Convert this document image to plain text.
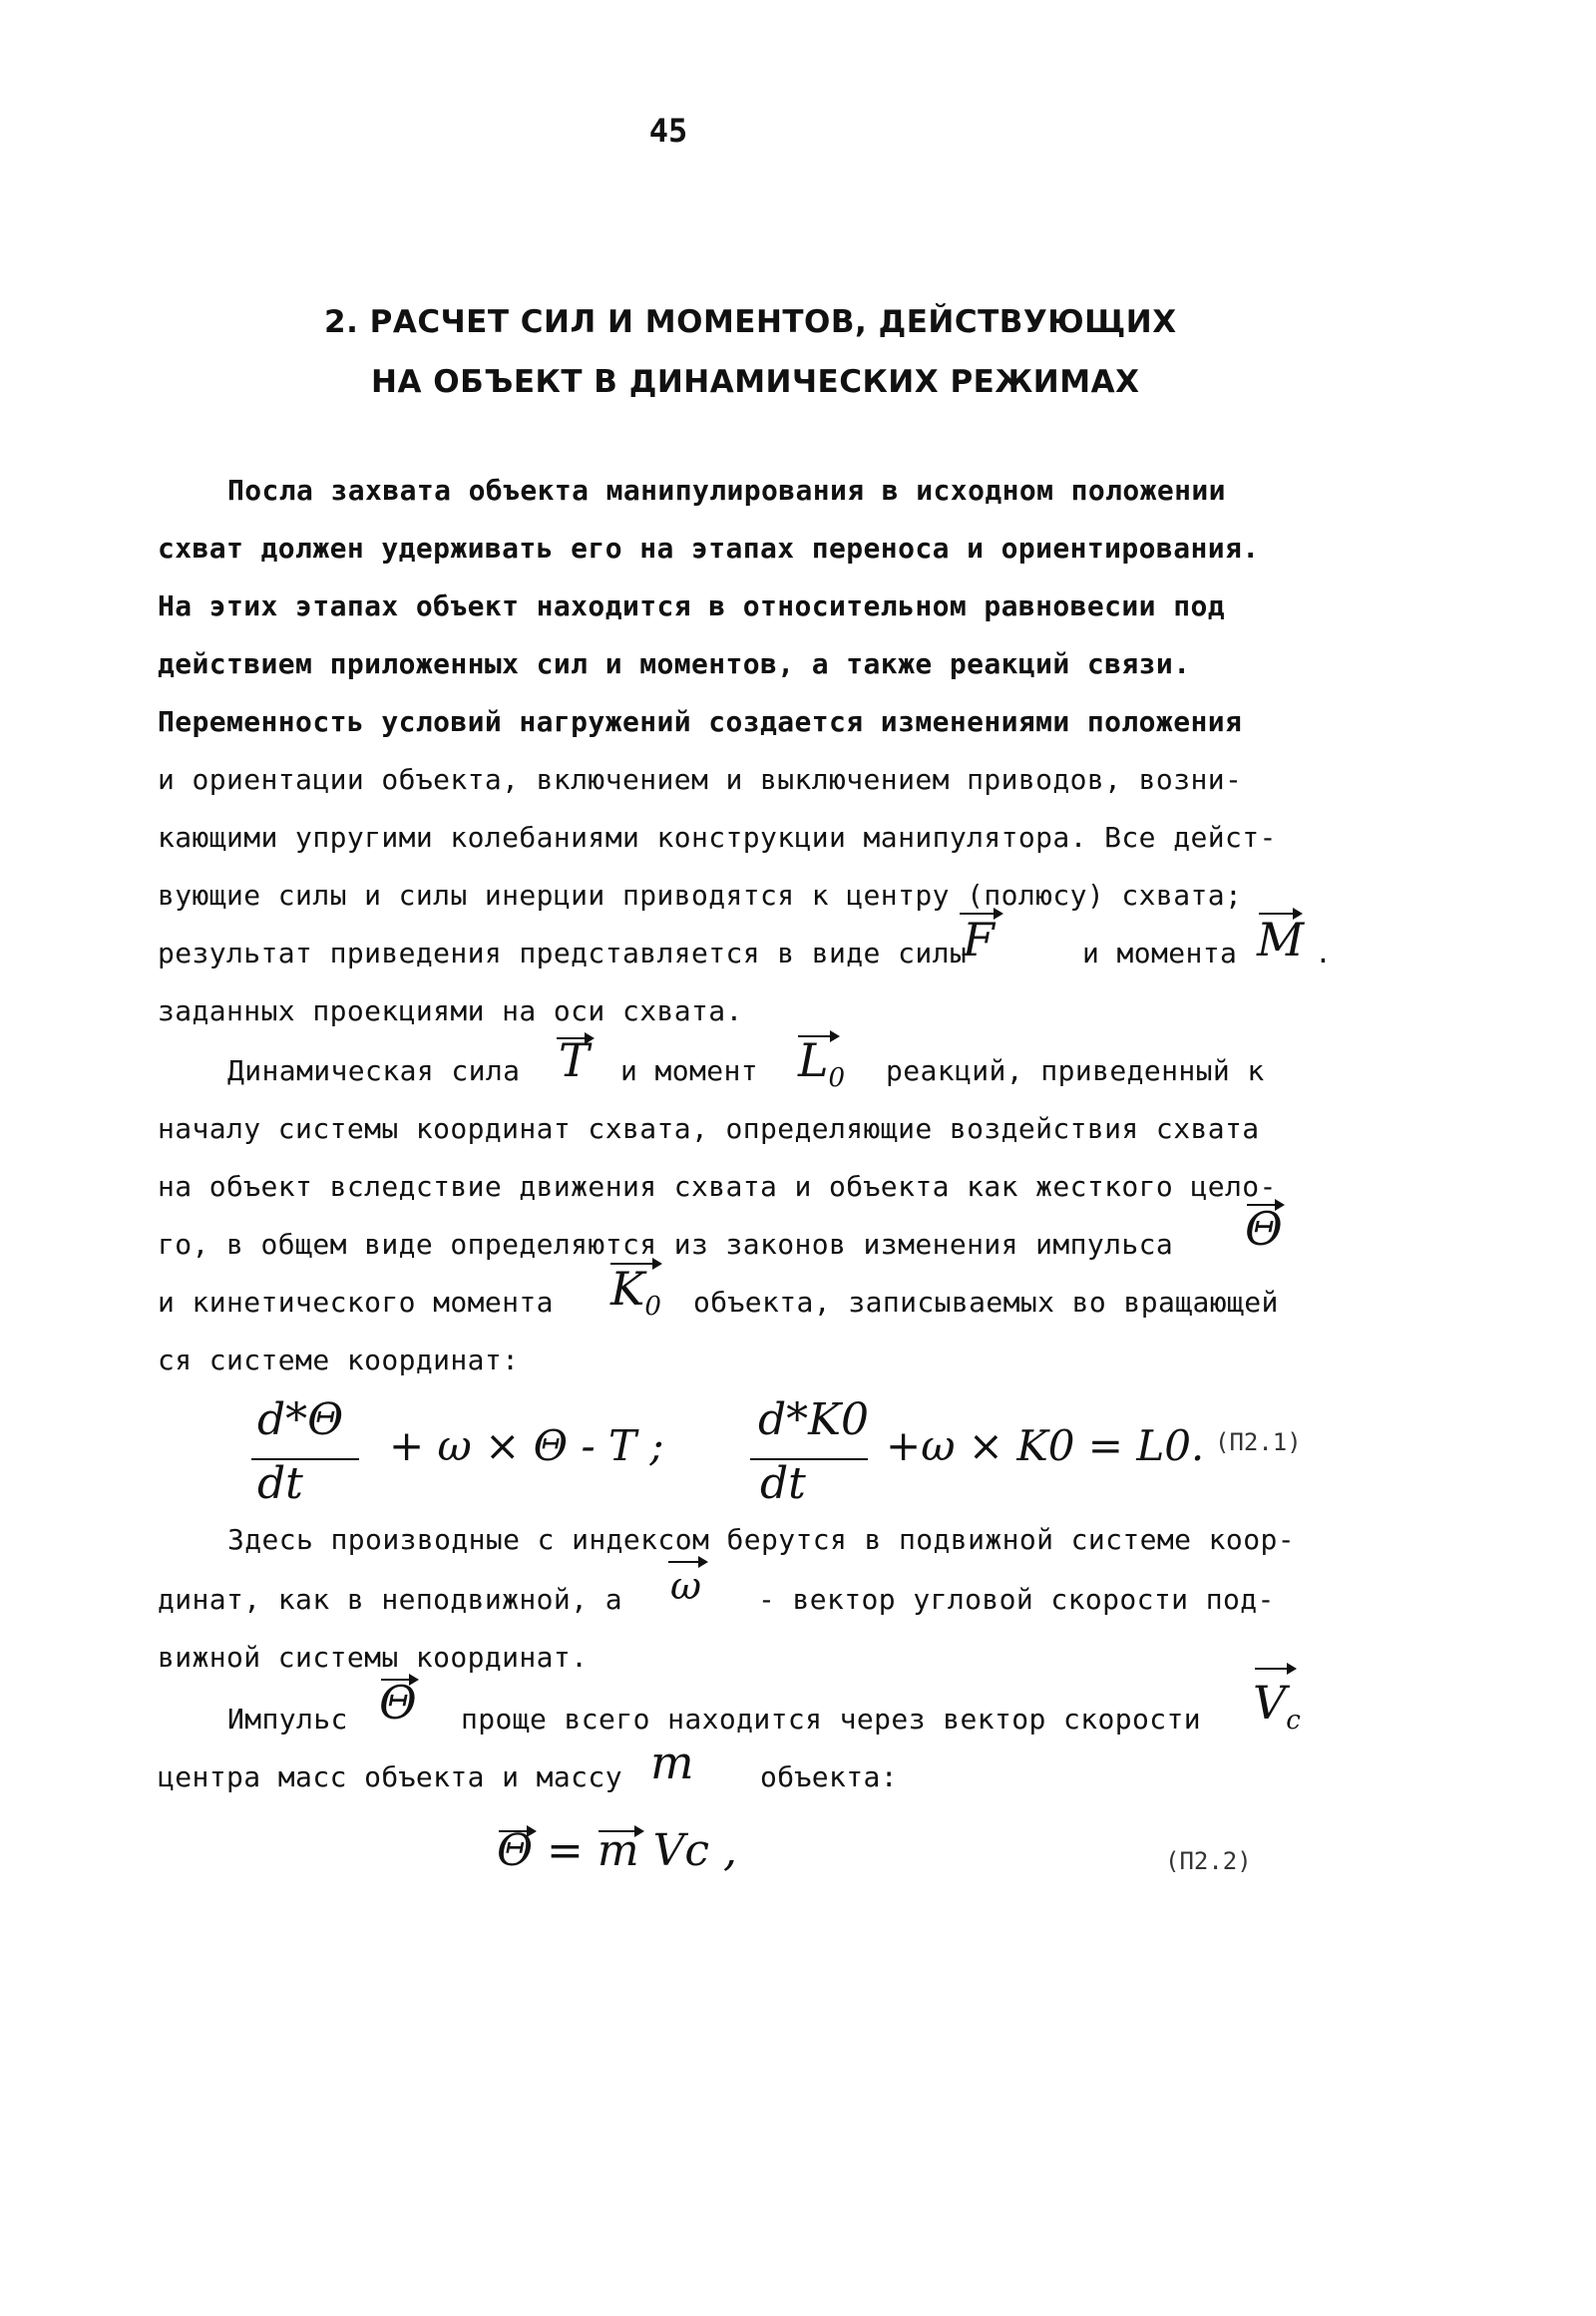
45
2. РАСЧЕТ СИЛ И МОМЕНТОВ, ДЕЙСТВУЮЩИХ
НА ОБЪЕКТ В ДИНАМИЧЕСКИХ РЕЖИМАХ
Посла захвата объекта манипулирования в исходном положении
схват должен удерживать его на этапах переноса и ориентирования.
На этих этапах объект находится в относительном равновесии под
действием приложенных сил и моментов, а также реакций связи.
Переменность условий нагружений создается изменениями положения
и ориентации объекта, включением и выключением приводов, возни-
кающими упругими колебаниями конструкции манипулятора. Все дейст-
вующие силы и силы инерции приводятся к центру (полюсу) схвата;
результат приведения представляется в виде силы
F	и момента M .
заданных проекциями на оси схвата.
Динамическая сила T и момент $L_0$ реакций, приведенный к
началу системы координат схвата, определяющие воздействия схвата
на объект вследствие движения схвата и объекта как жесткого цело-
го, в общем виде определяются из законов изменения импульса Θ
и кинетического момента $K_0$ объекта, записываемых во вращающей
ся системе координат:
d*Θ
dt
+ ω × Θ - T ;
d*K0
dt
+ω × K0 = L0. (П2.1)
Здесь производные с индексом берутся в подвижной системе коор-
динат, как в неподвижной, а ω - вектор угловой скорости под-
вижной системы координат.
Импульс Θ проще всего находится через вектор скорости $V_c$
центра масс объекта и массу m объекта:
Θ = m Vc ,	(П2.2)
